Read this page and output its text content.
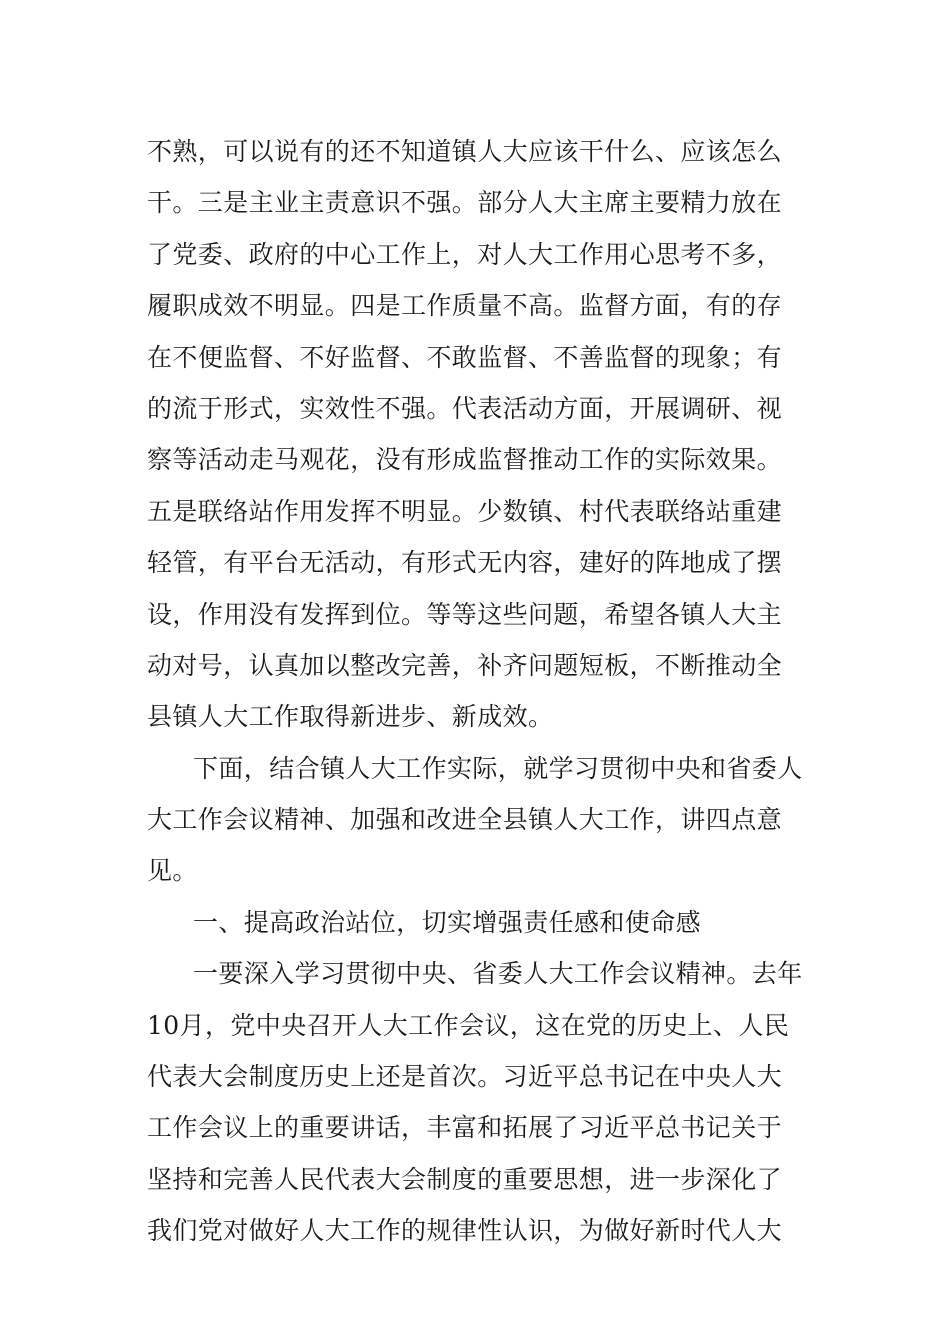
不熟，可以说有的还不知道镇人大应该干什么、应该怎么
干。三是主业主责意识不强。部分人大主席主要精力放在
了党委、政府的中心工作上，对人大工作用心思考不多，
履职成效不明显。四是工作质量不高。监督方面，有的存
在不便监督、不好监督、不敢监督、不善监督的现象；有
的流于形式，实效性不强。代表活动方面，开展调研、视
察等活动走马观花，没有形成监督推动工作的实际效果。
五是联络站作用发挥不明显。少数镇、村代表联络站重建
轻管，有平台无活动，有形式无内容，建好的阵地成了摆
设，作用没有发挥到位。等等这些问题，希望各镇人大主
动对号，认真加以整改完善，补齐问题短板，不断推动全
县镇人大工作取得新进步、新成效。
下面，结合镇人大工作实际，就学习贯彻中央和省委人
大工作会议精神、加强和改进全县镇人大工作，讲四点意
见。
一、提高政治站位，切实增强责任感和使命感
一要深入学习贯彻中央、省委人大工作会议精神。去年
10月，党中央召开人大工作会议，这在党的历史上、人民
代表大会制度历史上还是首次。习近平总书记在中央人大
工作会议上的重要讲话，丰富和拓展了习近平总书记关于
坚持和完善人民代表大会制度的重要思想，进一步深化了
我们党对做好人大工作的规律性认识，为做好新时代人大
